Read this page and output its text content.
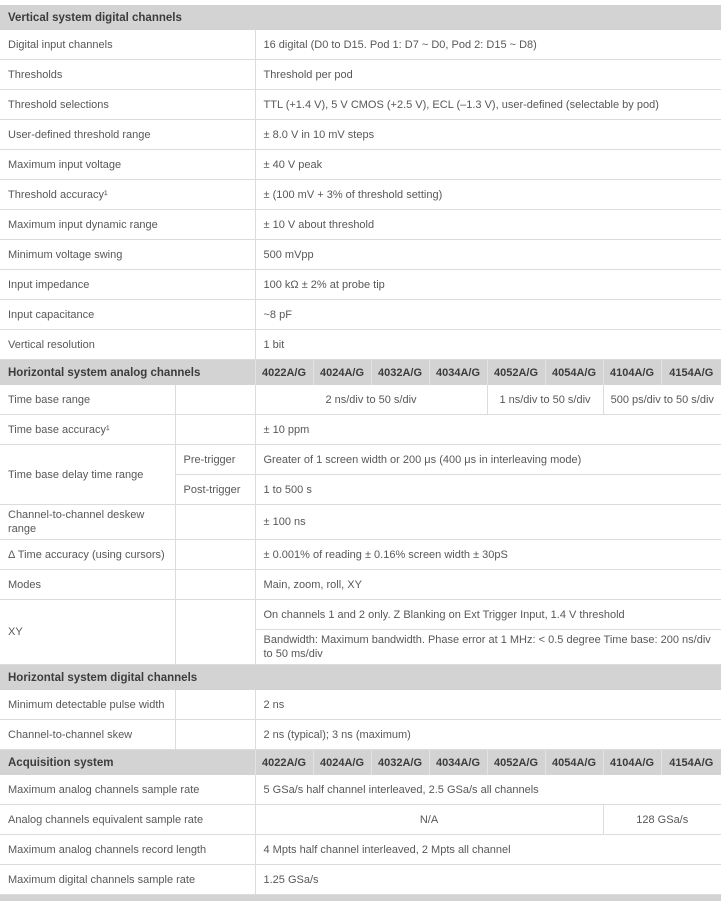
Vertical system digital channels									
Digital input channels		16 digital (D0 to D15. Pod 1: D7 ~ D0, Pod 2: D15 ~ D8)							
Thresholds		Threshold per pod							
Threshold selections		TTL (+1.4 V), 5 V CMOS (+2.5 V), ECL (–1.3 V), user-defined (selectable by pod)							
User-defined threshold range		± 8.0 V in 10 mV steps							
Maximum input voltage		± 40 V peak							
Threshold accuracy¹		± (100 mV + 3% of threshold setting)							
Maximum input dynamic range		± 10 V about threshold							
Minimum voltage swing		500 mVpp							
Input impedance		100 kΩ ± 2% at probe tip							
Input capacitance		~8 pF							
Vertical resolution		1 bit							
Horizontal system analog channels		4022A/G	4024A/G	4032A/G	4034A/G	4052A/G	4054A/G	4104A/G	4154A/G
Time base range		2 ns/div to 50 s/div				1 ns/div to 50 s/div		500 ps/div to 50 s/div	
Time base accuracy¹		± 10 ppm							
Time base delay time range	Pre-trigger	Greater of 1 screen width or 200 μs (400 μs in interleaving mode)							
	Post-trigger	1 to 500 s							
Channel-to-channel deskew range		± 100 ns							
Δ Time accuracy (using cursors)		± 0.001% of reading ± 0.16% screen width ± 30pS							
Modes		Main, zoom, roll, XY							
XY		On channels 1 and 2 only. Z Blanking on Ext Trigger Input, 1.4 V threshold							
		Bandwidth: Maximum bandwidth. Phase error at 1 MHz: < 0.5 degree Time base: 200 ns/div to 50 ms/div							
Horizontal system digital channels									
Minimum detectable pulse width		2 ns							
Channel-to-channel skew		2 ns (typical); 3 ns (maximum)							
Acquisition system		4022A/G	4024A/G	4032A/G	4034A/G	4052A/G	4054A/G	4104A/G	4154A/G
Maximum analog channels sample rate		5 GSa/s half channel interleaved, 2.5 GSa/s all channels							
Analog channels equivalent sample rate		N/A						128 GSa/s	
Maximum analog channels record length		4 Mpts half channel interleaved, 2 Mpts all channel							
Maximum digital channels sample rate		1.25 GSa/s							
